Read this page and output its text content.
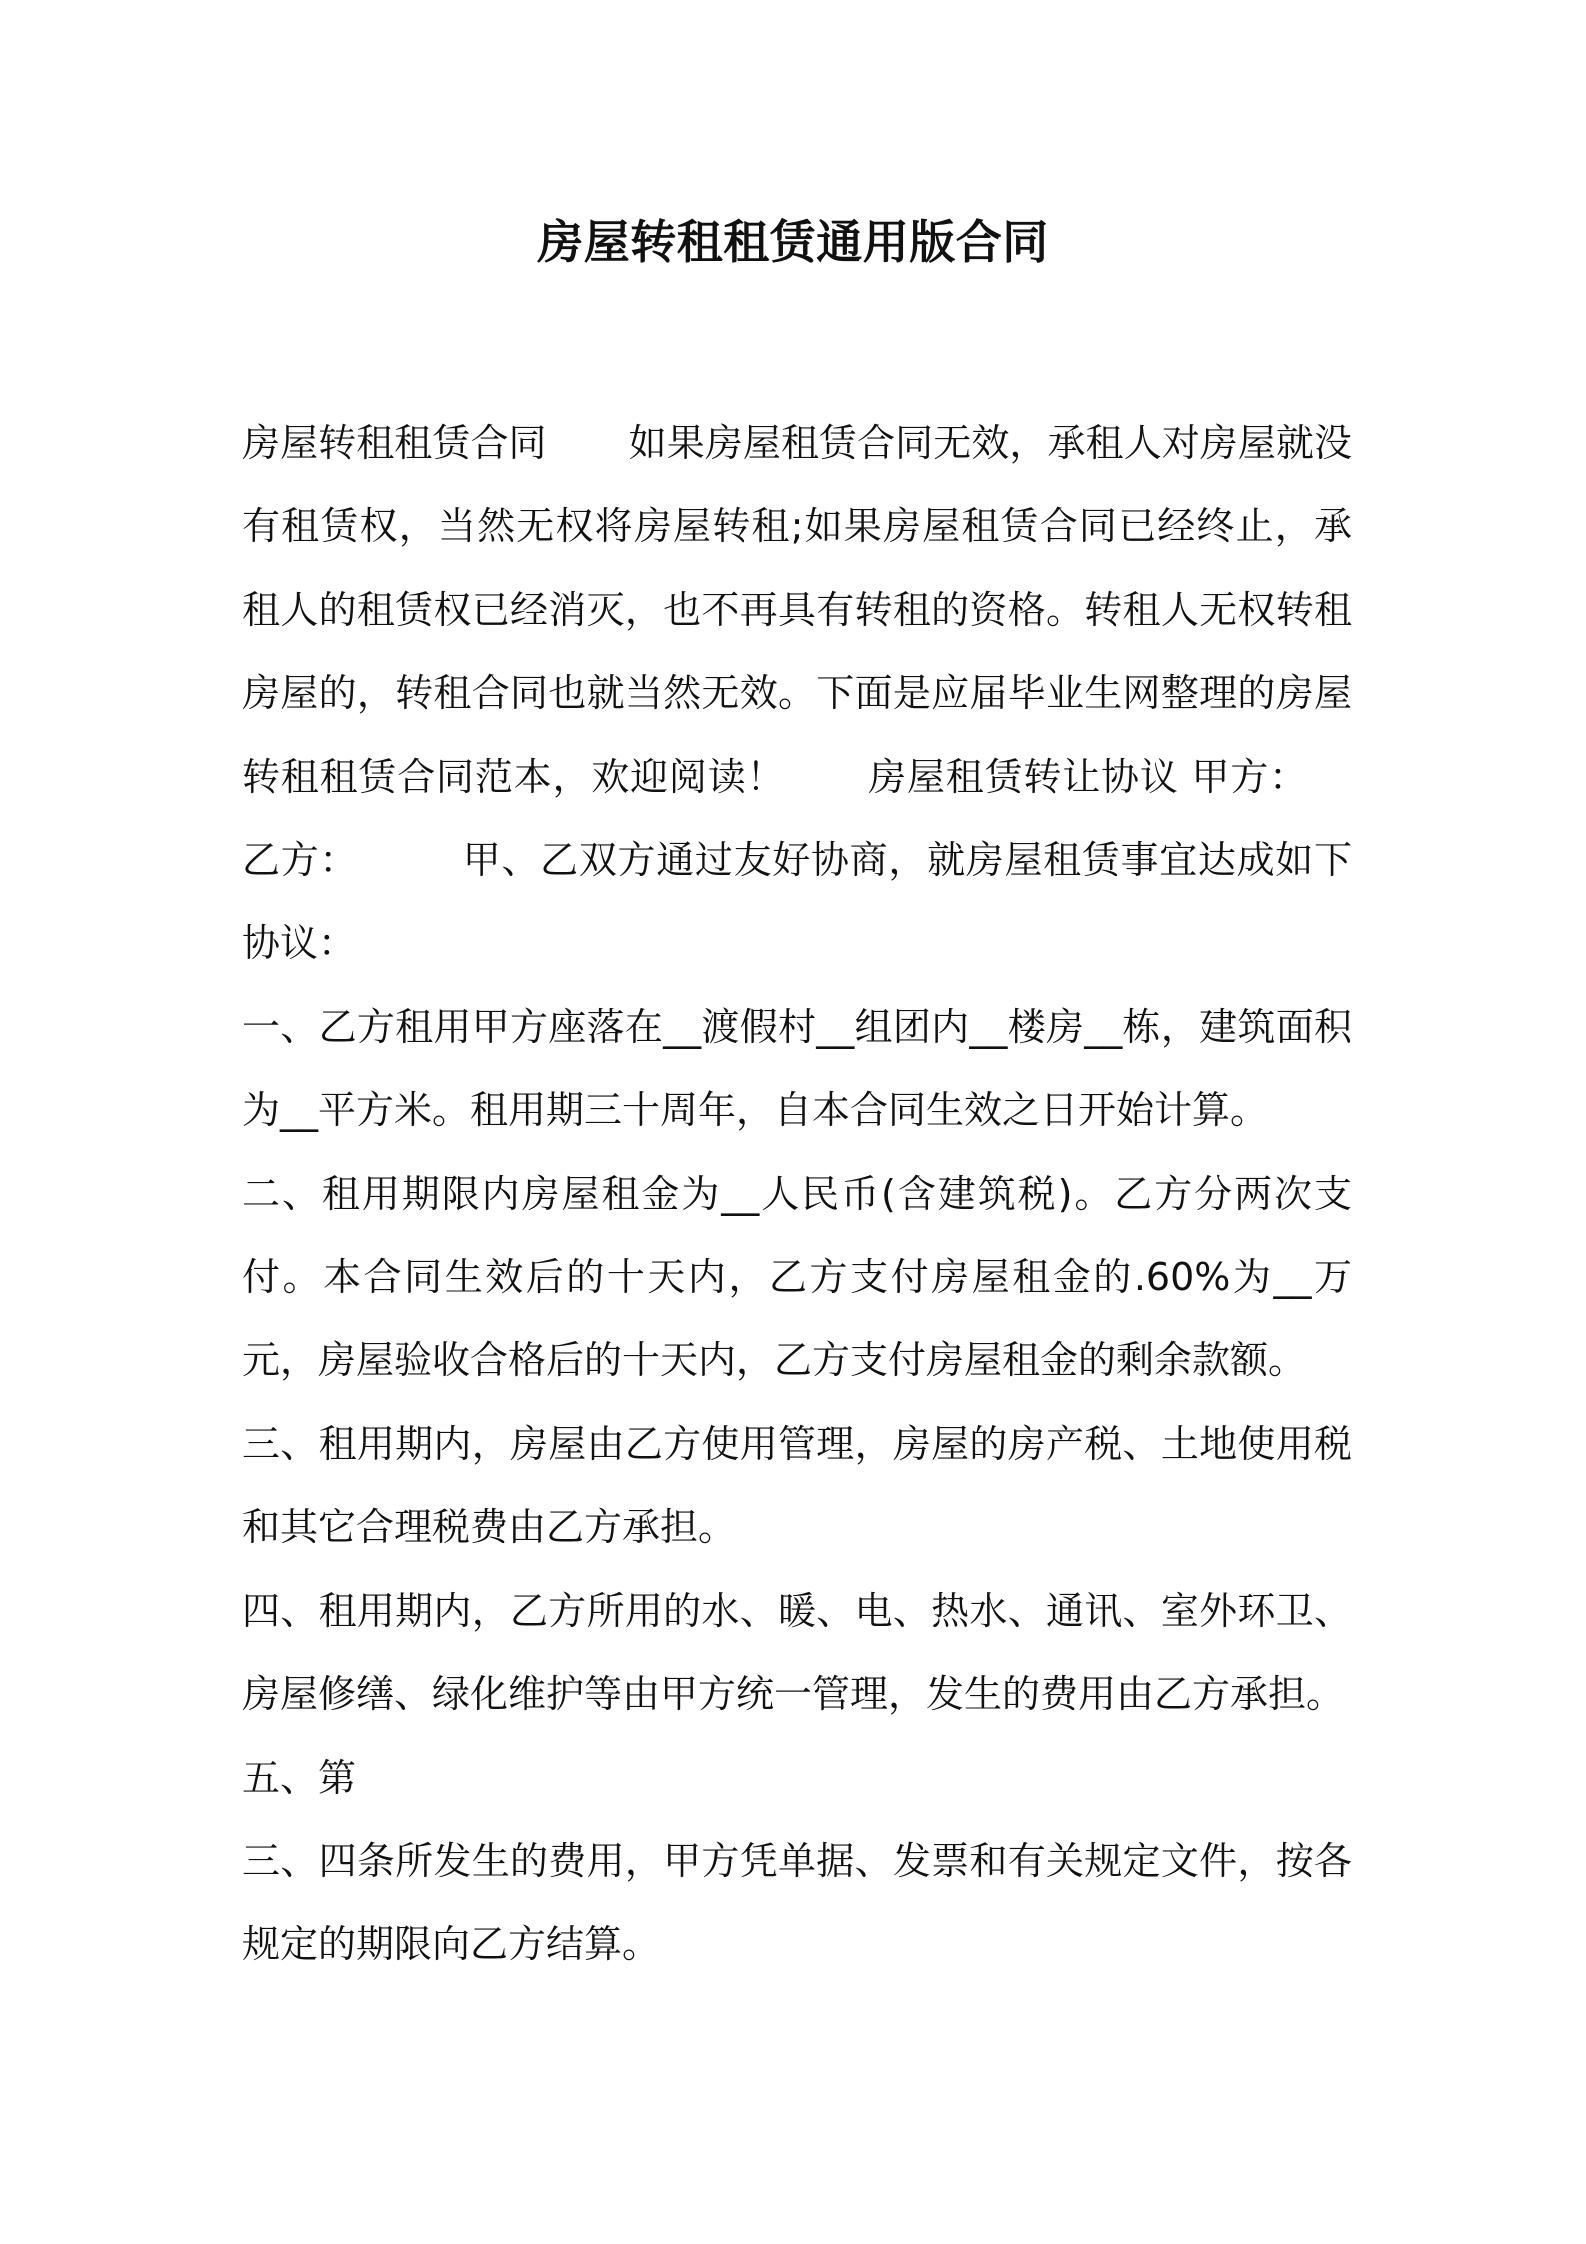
房屋转租租赁通用版合同

房屋转租租赁合同 如果房屋租赁合同无效，承租人对房屋就没有租赁权，当然无权将房屋转租;如果房屋租赁合同已经终止，承租人的租赁权已经消灭，也不再具有转租的资格。转租人无权转租房屋的，转租合同也就当然无效。下面是应届毕业生网整理的房屋转租租赁合同范本，欢迎阅读！ 房屋租赁转让协议 甲方：乙方：	甲、乙双方通过友好协商，就房屋租赁事宜达成如下协议：

一、乙方租用甲方座落在__渡假村__组团内__楼房__栋，建筑面积为__平方米。租用期三十周年，自本合同生效之日开始计算。

二、租用期限内房屋租金为__人民币(含建筑税)。乙方分两次支付。本合同生效后的十天内，乙方支付房屋租金的.60%为__万元，房屋验收合格后的十天内，乙方支付房屋租金的剩余款额。

三、租用期内，房屋由乙方使用管理，房屋的房产税、土地使用税和其它合理税费由乙方承担。

四、租用期内，乙方所用的水、暖、电、热水、通讯、室外环卫、房屋修缮、绿化维护等由甲方统一管理，发生的费用由乙方承担。

五、第

三、四条所发生的费用，甲方凭单据、发票和有关规定文件，按各规定的期限向乙方结算。
